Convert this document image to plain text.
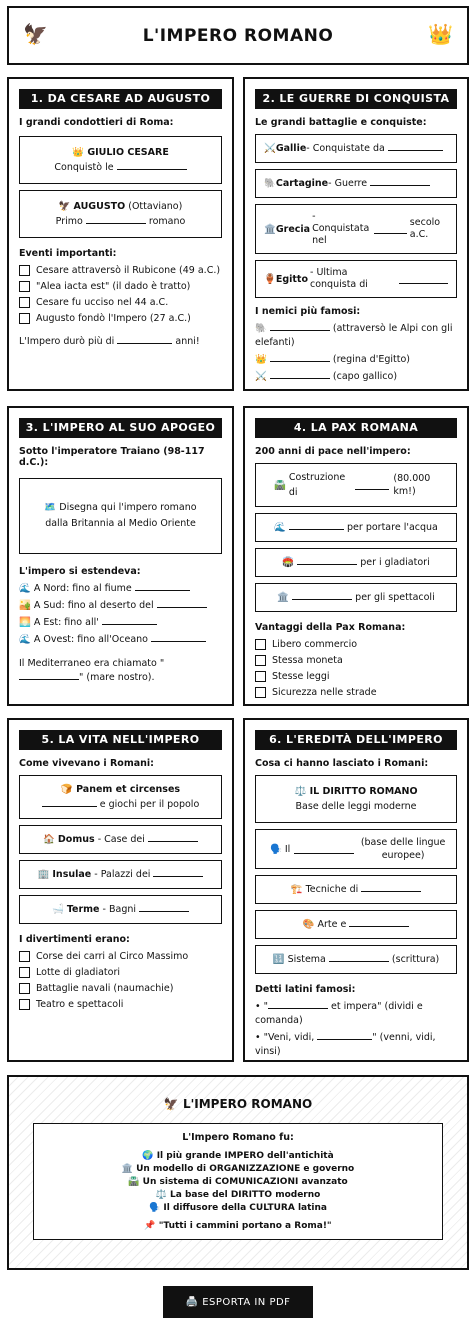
🦅	L'IMPERO ROMANO	👑
1. DA CESARE AD AUGUSTO
I grandi condottieri di Roma:
👑 GIULIO CESARE
Conquistò le
🦅 AUGUSTO (Ottaviano)
Primo	romano
Eventi importanti:
Cesare attraversò il Rubicone (49 a.C.)
"Alea iacta est" (il dado è tratto)
Cesare fu ucciso nel 44 a.C.
Augusto fondò l'Impero (27 a.C.)
L'Impero durò più di	anni!
2. LE GUERRE DI CONQUISTA
Le grandi battaglie e conquiste:
⚔️Gallie- Conquistate da
🐘Cartagine- Guerre
🏛️ Grecia
- Conquistata nel
secolo a.C.
🏺 Egitto
- Ultima conquista di
I nemici più famosi:
🐘	(attraversò le Alpi con gli elefanti)
👑	(regina d'Egitto)
⚔️	(capo gallico)
3. L'IMPERO AL SUO APOGEO
Sotto l'imperatore Traiano (98-117 d.C.):
🗺️ Disegna qui l'impero romano dalla Britannia al Medio Oriente
L'impero si estendeva:
🌊 A Nord: fino al fiume
🏜️ A Sud: fino al deserto del
🌅 A Est: fino all'
🌊 A Ovest: fino all'Oceano
Il Mediterraneo era chiamato " " (mare nostro).
4. LA PAX ROMANA
200 anni di pace nell'impero:
🛣️

Costruzione di
(80.000 km!)
🌊	per portare l'acqua
🏟️	per i gladiatori
🏛️	per gli spettacoli
Vantaggi della Pax Romana:
Libero commercio
Stessa moneta
Stesse leggi
Sicurezza nelle strade
5. LA VITA NELL'IMPERO
Come vivevano i Romani:
🍞 Panem et circenses
e giochi per il popolo
🏠 Domus - Case dei
🏢 Insulae - Palazzi dei
🛁 Terme - Bagni
I divertimenti erano:
Corse dei carri al Circo Massimo
Lotte di gladiatori
Battaglie navali (naumachie)
Teatro e spettacoli
6. L'EREDITÀ DELL'IMPERO
Cosa ci hanno lasciato i Romani:
⚖️ IL DIRITTO ROMANO
Base delle leggi moderne
🗣️
Il
(base delle lingue europee)
🏗️ Tecniche di
🎨 Arte e
🔢 Sistema	(scrittura)
Detti latini famosi:
• "	et impera" (dividi e comanda)
• "Veni, vidi,	" (venni, vidi, vinsi)
🦅 L'IMPERO ROMANO
L'Impero Romano fu:
🌍 Il più grande IMPERO dell'antichità
🏛️ Un modello di ORGANIZZAZIONE e governo
🛣️ Un sistema di COMUNICAZIONI avanzato
⚖️ La base del DIRITTO moderno
🗣️ Il diffusore della CULTURA latina
📌 "Tutti i cammini portano a Roma!"
🖨️
ESPORTA IN PDF
